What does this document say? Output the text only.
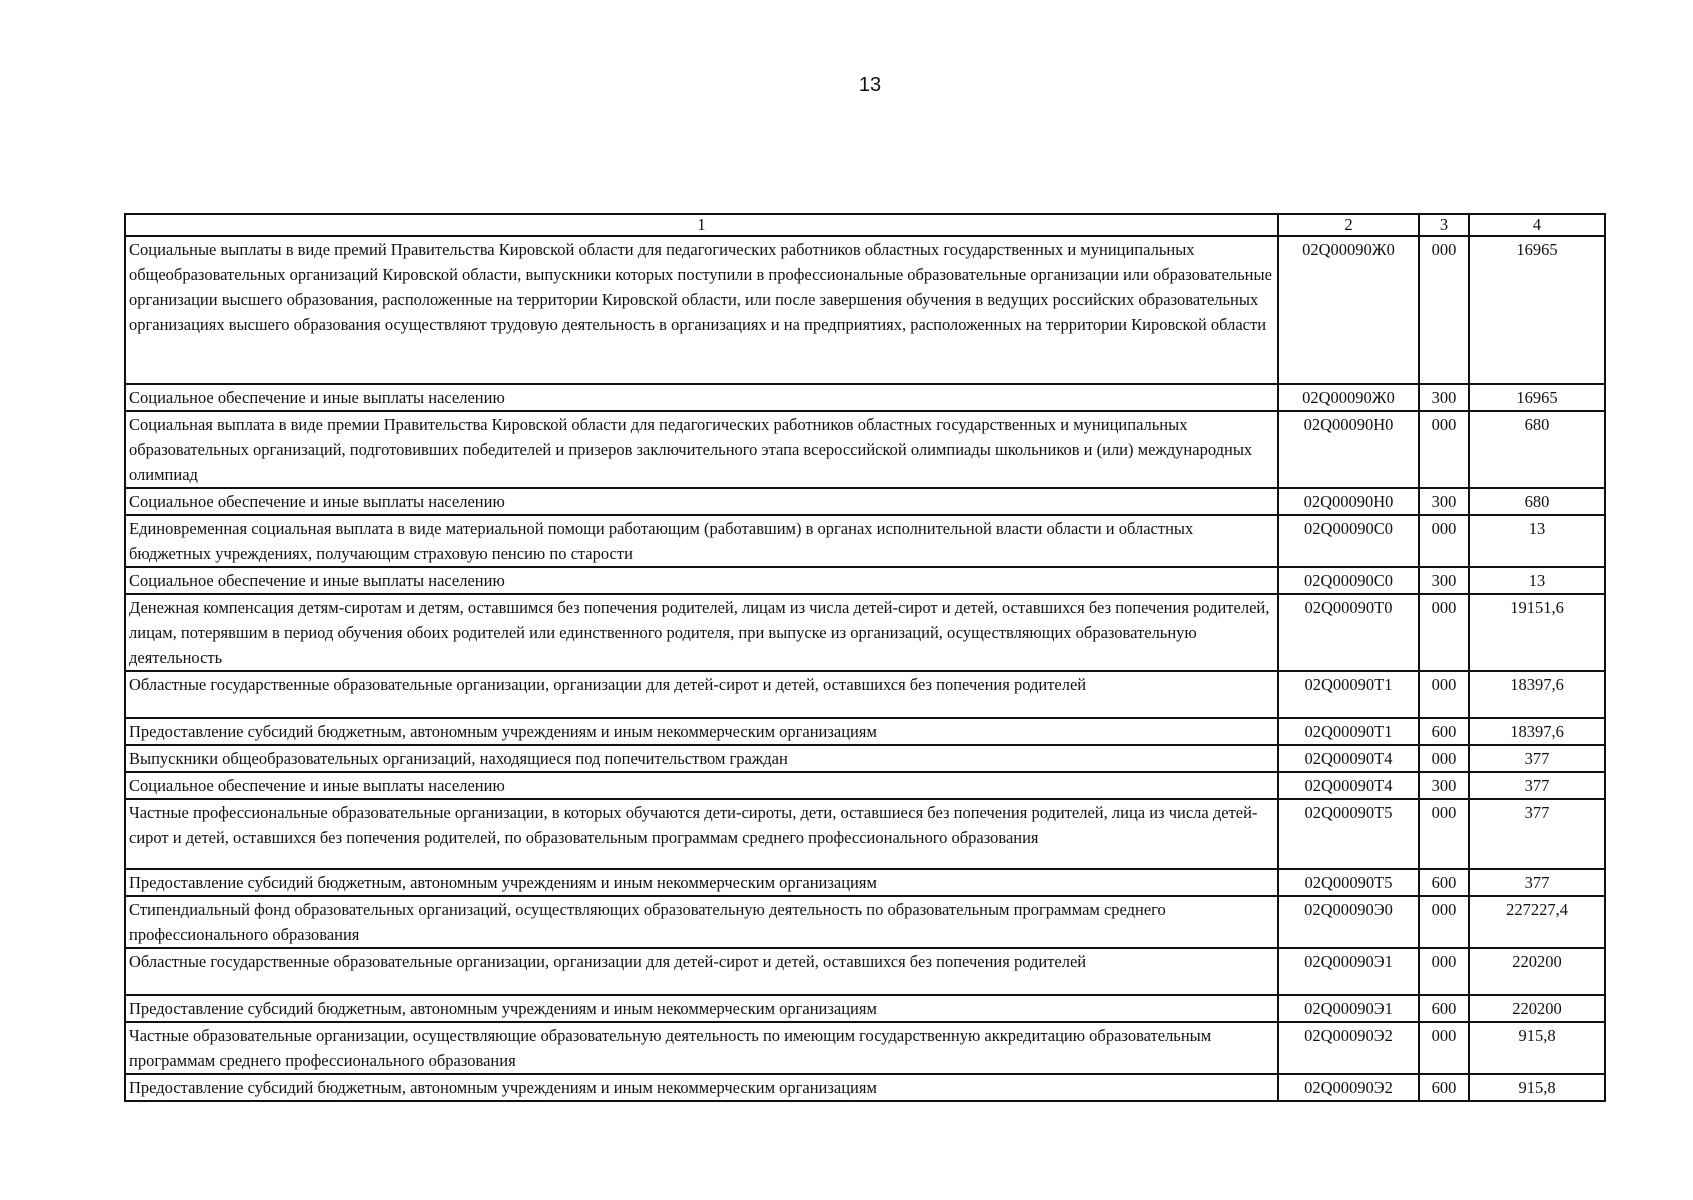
13
1	2	3	4
Социальные выплаты в виде премий Правительства Кировской области для педагогических работников областных государственных и муниципальных общеобразовательных организаций Кировской области, выпускники которых поступили в профессиональные образовательные организации или образовательные организации высшего образования, расположенные на территории Кировской области, или после завершения обучения в ведущих российских образовательных организациях высшего образования осуществляют трудовую деятельность в организациях и на предприятиях, расположенных на территории Кировской области	02Q00090Ж0	000	16965
Социальное обеспечение и иные выплаты населению	02Q00090Ж0	300	16965
Социальная выплата в виде премии Правительства Кировской области для педагогических работников областных государственных и муниципальных образовательных организаций, подготовивших победителей и призеров заключительного этапа всероссийской олимпиады школьников и (или) международных олимпиад	02Q00090Н0	000	680
Социальное обеспечение и иные выплаты населению	02Q00090Н0	300	680
Единовременная социальная выплата в виде материальной помощи работающим (работавшим) в органах исполнительной власти области и областных бюджетных учреждениях, получающим страховую пенсию по старости	02Q00090С0	000	13
Социальное обеспечение и иные выплаты населению	02Q00090С0	300	13
Денежная компенсация детям-сиротам и детям, оставшимся без попечения родителей, лицам из числа детей-сирот и детей, оставшихся без попечения родителей, лицам, потерявшим в период обучения обоих родителей или единственного родителя, при выпуске из организаций, осуществляющих образовательную деятельность	02Q00090Т0	000	19151,6
Областные государственные образовательные организации, организации для детей-сирот и детей, оставшихся без попечения родителей	02Q00090Т1	000	18397,6
Предоставление субсидий бюджетным, автономным учреждениям и иным некоммерческим организациям	02Q00090Т1	600	18397,6
Выпускники общеобразовательных организаций, находящиеся под попечительством граждан	02Q00090Т4	000	377
Социальное обеспечение и иные выплаты населению	02Q00090Т4	300	377
Частные профессиональные образовательные организации, в которых обучаются дети-сироты, дети, оставшиеся без попечения родителей, лица из числа детей-сирот и детей, оставшихся без попечения родителей, по образовательным программам среднего профессионального образования	02Q00090Т5	000	377
Предоставление субсидий бюджетным, автономным учреждениям и иным некоммерческим организациям	02Q00090Т5	600	377
Стипендиальный фонд образовательных организаций, осуществляющих образовательную деятельность по образовательным программам среднего профессионального образования	02Q00090Э0	000	227227,4
Областные государственные образовательные организации, организации для детей-сирот и детей, оставшихся без попечения родителей	02Q00090Э1	000	220200
Предоставление субсидий бюджетным, автономным учреждениям и иным некоммерческим организациям	02Q00090Э1	600	220200
Частные образовательные организации, осуществляющие образовательную деятельность по имеющим государственную аккредитацию образовательным программам среднего профессионального образования	02Q00090Э2	000	915,8
Предоставление субсидий бюджетным, автономным учреждениям и иным некоммерческим организациям	02Q00090Э2	600	915,8
